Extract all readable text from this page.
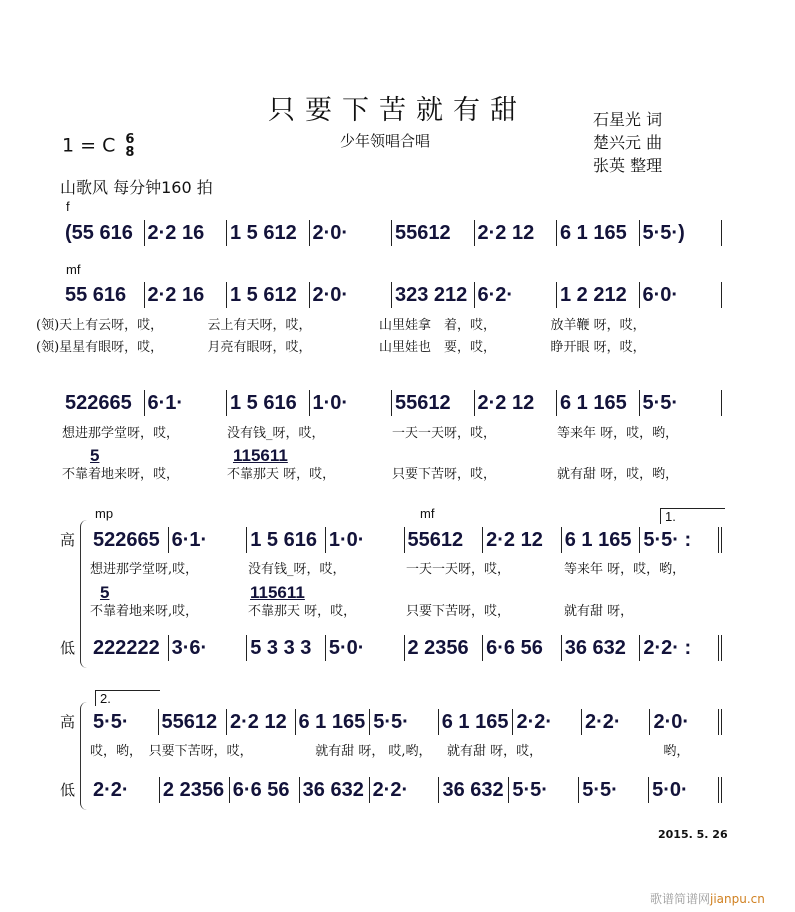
只要下苦就有甜
少年领唱合唱
石星光 词
楚兴元 曲
张英 整理
1 = C 6
8
山歌风 每分钟160 拍
(55 616 2·2 16	1 5 612 2·0·	55612	2·2 12	6 1 165 5·5·)
f
55 616	2·2 16	1 5 612 2·0·	323 212 6·2·	1 2 212 6·0·
mf
(领)天上有云呀，哎，	云上有天呀，哎，	山里娃拿　着，哎，	放羊鞭 呀，哎，
(领)星星有眼呀，哎，	月亮有眼呀，哎，	山里娃也　要，哎，	睁开眼 呀，哎，
522665 6·1·	1 5 616 1·0·	55612	2·2 12	6 1 165 5·5·
想进那学堂呀，哎，	没有钱_呀，哎，	一天一天呀，哎，	等来年 呀，哎，哟，
不靠着地来呀，哎，	不靠那天 呀，哎，	只要下苦呀，哎，	就有甜 呀，哎，哟，
5	115611
522665 6·1·	1 5 616 1·0·	55612	2·2 12	6 1 165 5·5· :
mp	mf
想进那学堂呀,哎，	没有钱_呀，哎，	一天一天呀，哎，	等来年 呀，哎，哟，
不靠着地来呀,哎，	不靠那天 呀，哎，	只要下苦呀，哎，	就有甜 呀，
5	115611
222222 3·6·	5 3 3 3 5·0·	2 2356 6·6 56	36 632 2·2· :
高
低
1.
5·5·	55612 2·2 12 6 1 165 5·5·	6 1 165 2·2·	2·2·	2·0·
哎，哟， 只要下苦呀，哎，	就有甜 呀， 哎,哟，	就有甜 呀，哎，	哟，
2·2·	2 2356 6·6 56 36 632 2·2·	36 632 5·5·	5·5·	5·0·
高
低
2.
2015. 5. 26
歌谱简谱网jianpu.cn
